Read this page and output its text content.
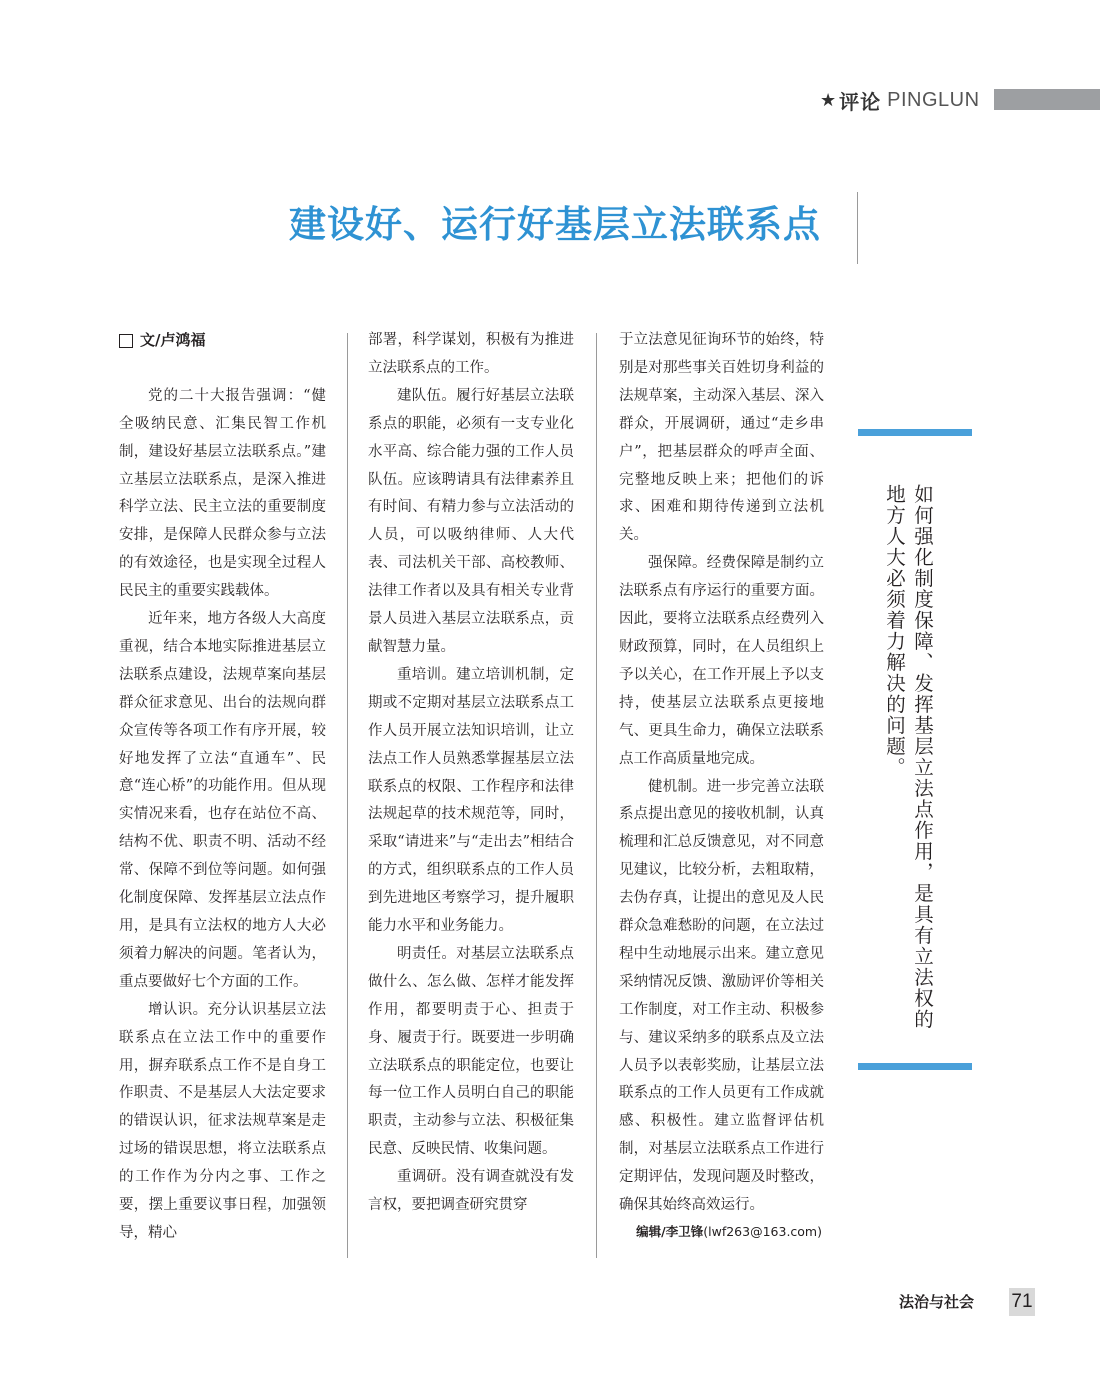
★ 评论 PINGLUN
建设好、运行好基层立法联系点
文/卢鸿福

党的二十大报告强调：“健全吸纳民意、汇集民智工作机制，建设好基层立法联系点。”建立基层立法联系点，是深入推进科学立法、民主立法的重要制度安排，是保障人民群众参与立法的有效途径，也是实现全过程人民民主的重要实践载体。

近年来，地方各级人大高度重视，结合本地实际推进基层立法联系点建设，法规草案向基层群众征求意见、出台的法规向群众宣传等各项工作有序开展，较好地发挥了立法“直通车”、民意“连心桥”的功能作用。但从现实情况来看，也存在站位不高、结构不优、职责不明、活动不经常、保障不到位等问题。如何强化制度保障、发挥基层立法点作用，是具有立法权的地方人大必须着力解决的问题。笔者认为，重点要做好七个方面的工作。

增认识。充分认识基层立法联系点在立法工作中的重要作用，摒弃联系点工作不是自身工作职责、不是基层人大法定要求的错误认识，征求法规草案是走过场的错误思想，将立法联系点的工作作为分内之事、工作之要，摆上重要议事日程，加强领导，精心

部署，科学谋划，积极有为推进立法联系点的工作。

建队伍。履行好基层立法联系点的职能，必须有一支专业化水平高、综合能力强的工作人员队伍。应该聘请具有法律素养且有时间、有精力参与立法活动的人员，可以吸纳律师、人大代表、司法机关干部、高校教师、法律工作者以及具有相关专业背景人员进入基层立法联系点，贡献智慧力量。

重培训。建立培训机制，定期或不定期对基层立法联系点工作人员开展立法知识培训，让立法点工作人员熟悉掌握基层立法联系点的权限、工作程序和法律法规起草的技术规范等，同时，采取“请进来”与“走出去”相结合的方式，组织联系点的工作人员到先进地区考察学习，提升履职能力水平和业务能力。

明责任。对基层立法联系点做什么、怎么做、怎样才能发挥作用，都要明责于心、担责于身、履责于行。既要进一步明确立法联系点的职能定位，也要让每一位工作人员明白自己的职能职责，主动参与立法、积极征集民意、反映民情、收集问题。

重调研。没有调查就没有发言权，要把调查研究贯穿

于立法意见征询环节的始终，特别是对那些事关百姓切身利益的法规草案，主动深入基层、深入群众，开展调研，通过“走乡串户”，把基层群众的呼声全面、完整地反映上来；把他们的诉求、困难和期待传递到立法机关。

强保障。经费保障是制约立法联系点有序运行的重要方面。因此，要将立法联系点经费列入财政预算，同时，在人员组织上予以关心，在工作开展上予以支持，使基层立法联系点更接地气、更具生命力，确保立法联系点工作高质量地完成。

健机制。进一步完善立法联系点提出意见的接收机制，认真梳理和汇总反馈意见，对不同意见建议，比较分析，去粗取精，去伪存真，让提出的意见及人民群众急难愁盼的问题，在立法过程中生动地展示出来。建立意见采纳情况反馈、激励评价等相关工作制度，对工作主动、积极参与、建议采纳多的联系点及立法人员予以表彰奖励，让基层立法联系点的工作人员更有工作成就感、积极性。建立监督评估机制，对基层立法联系点工作进行定期评估，发现问题及时整改，确保其始终高效运行。

编辑/李卫锋(lwf263@163.com)
如何强化制度保障、发挥基层立法点作用，是具有立法权的地方人大必须着力解决的问题。
法治与社会 71
